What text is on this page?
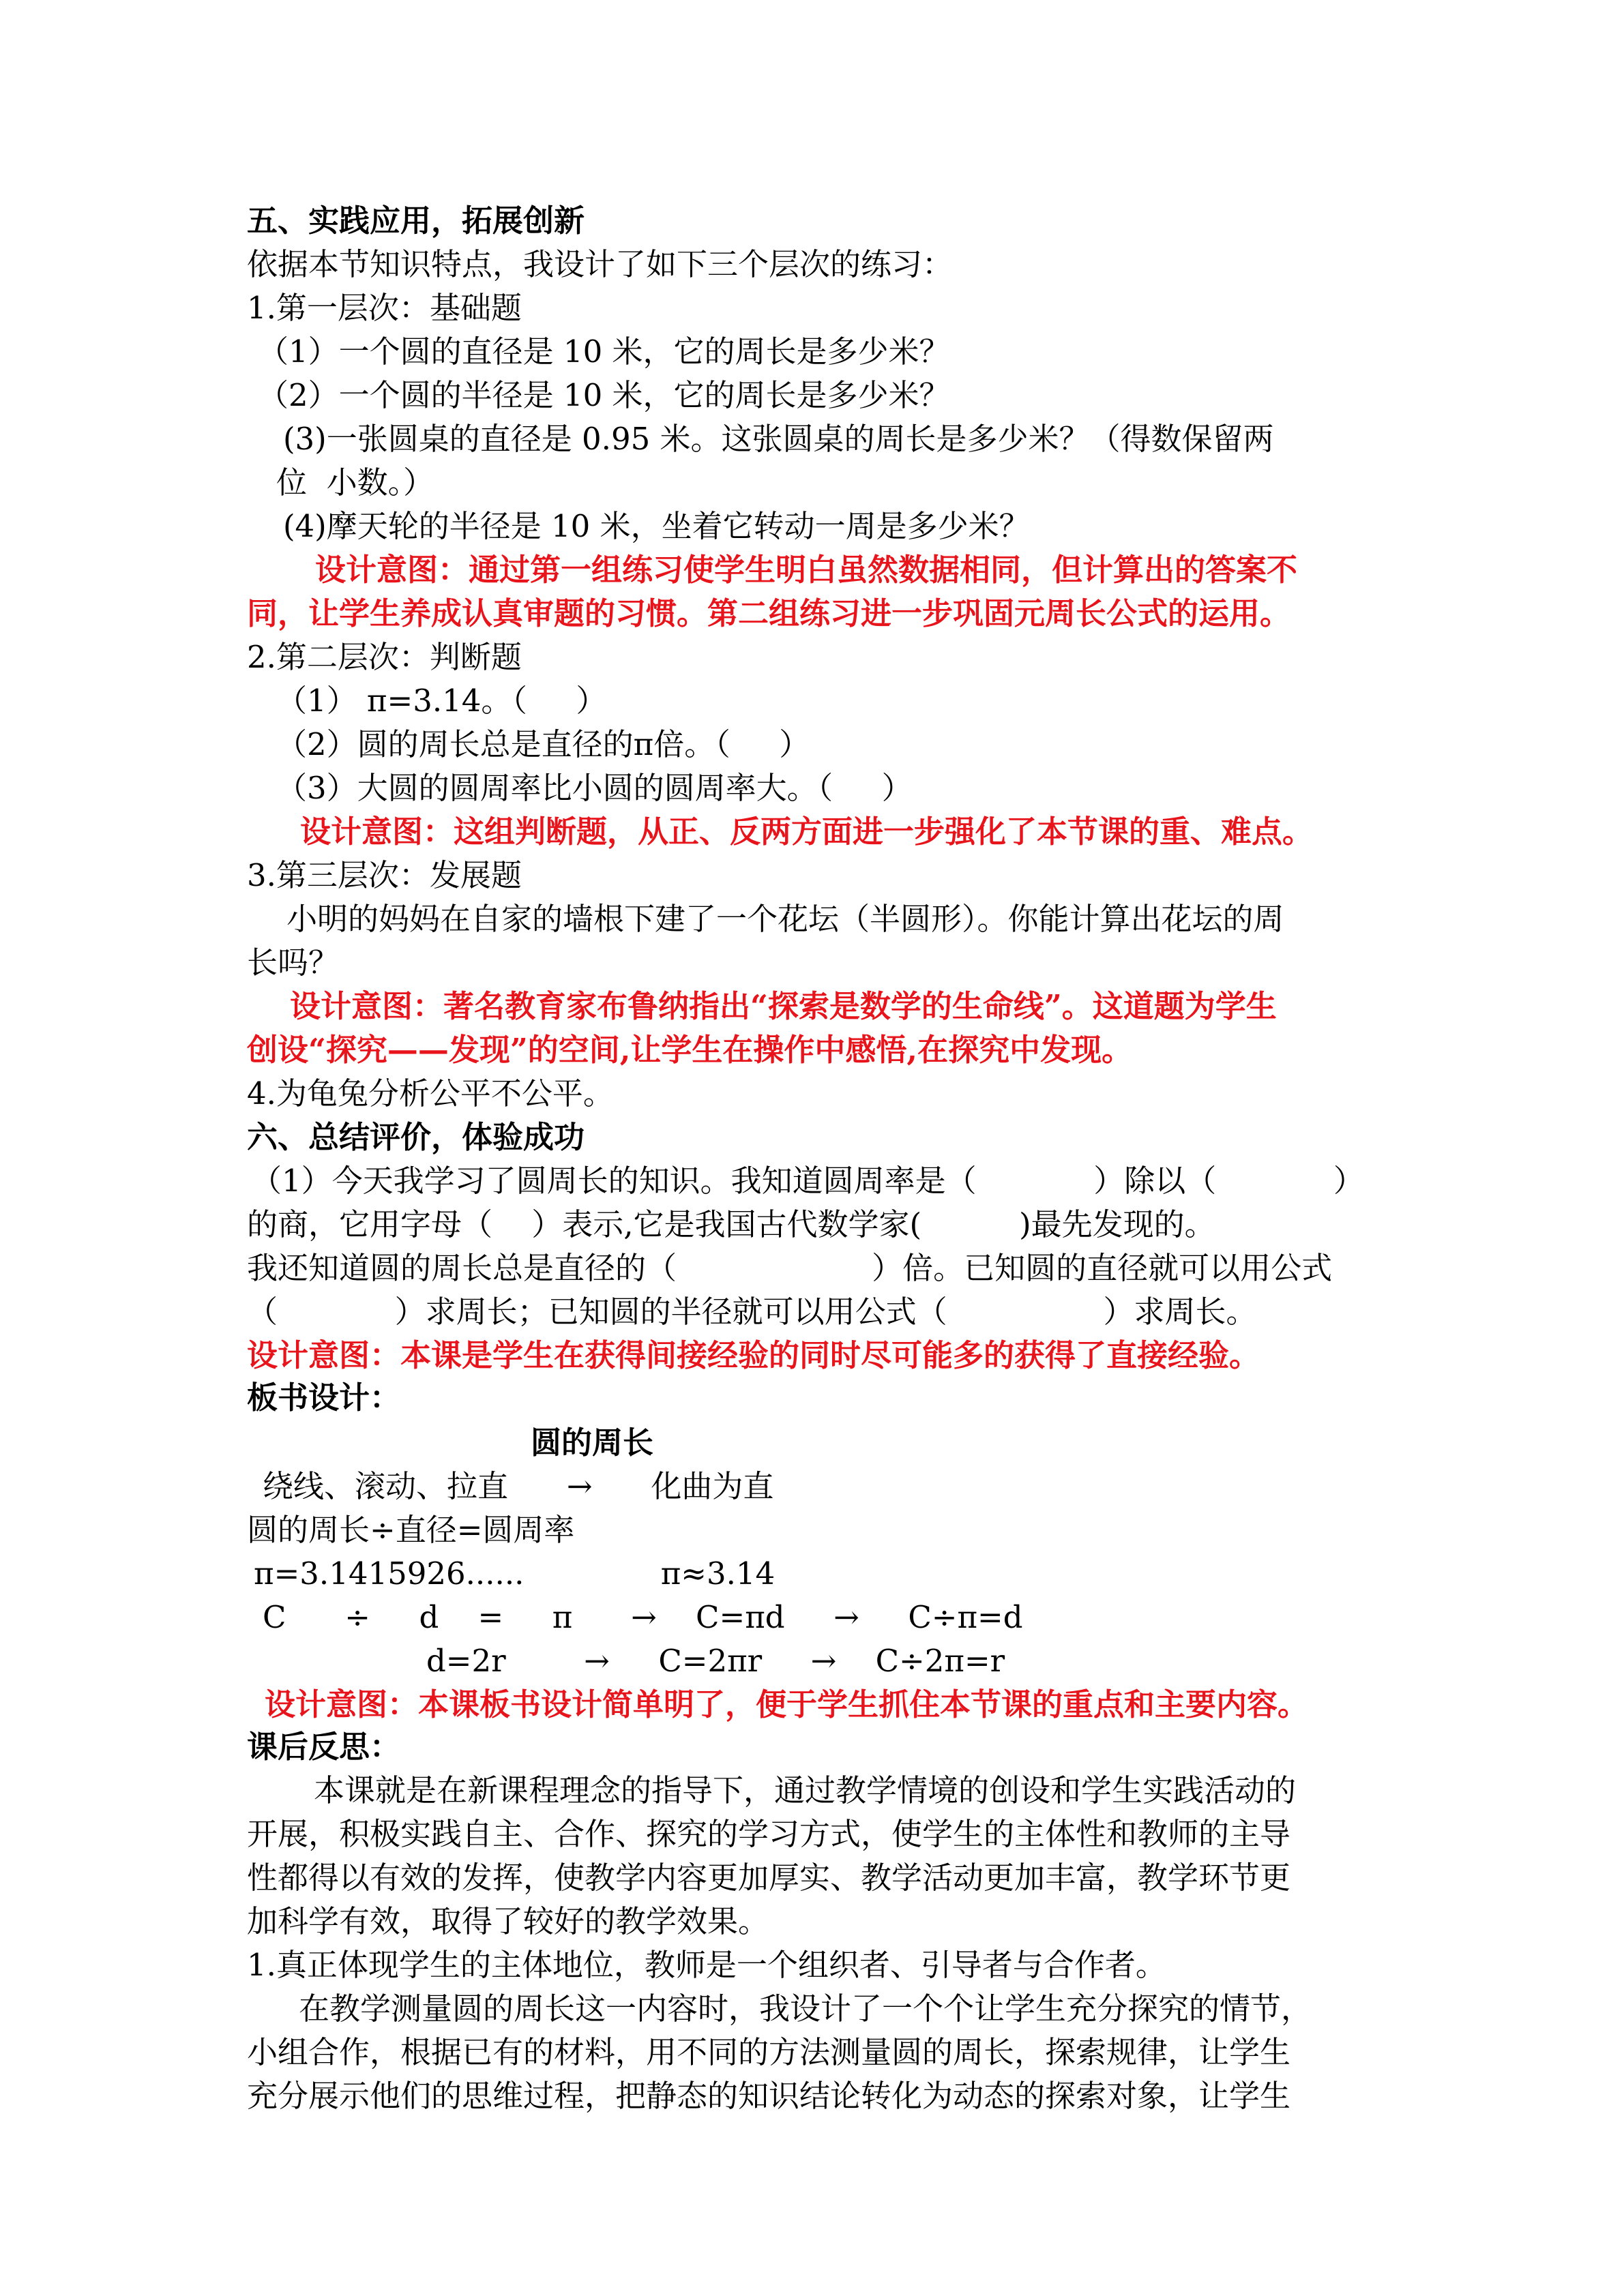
五、实践应用，拓展创新
依据本节知识特点，我设计了如下三个层次的练习：
1.第一层次：基础题
（1）一个圆的直径是 10 米，它的周长是多少米？
（2）一个圆的半径是 10 米，它的周长是多少米？
(3)一张圆桌的直径是 0.95 米。这张圆桌的周长是多少米？（得数保留两
位  小数。）
(4)摩天轮的半径是 10 米，坐着它转动一周是多少米？
设计意图：通过第一组练习使学生明白虽然数据相同，但计算出的答案不
同，让学生养成认真审题的习惯。第二组练习进一步巩固元周长公式的运用。
2.第二层次：判断题
（1） π=3.14。（     ）
（2）圆的周长总是直径的π倍。（     ）
（3）大圆的圆周率比小圆的圆周率大。（     ）
设计意图：这组判断题，从正、反两方面进一步强化了本节课的重、难点。
3.第三层次：发展题
小明的妈妈在自家的墙根下建了一个花坛（半圆形）。你能计算出花坛的周
长吗？
设计意图：著名教育家布鲁纳指出“探索是数学的生命线”。这道题为学生
创设“探究——发现”的空间,让学生在操作中感悟,在探究中发现。
4.为龟兔分析公平不公平。
六、总结评价，体验成功
（1）今天我学习了圆周长的知识。我知道圆周率是（            ）除以（            ）
的商，它用字母（    ）表示,它是我国古代数学家(          )最先发现的。
我还知道圆的周长总是直径的（                    ）倍。已知圆的直径就可以用公式
（            ）求周长；已知圆的半径就可以用公式（                ）求周长。
设计意图：本课是学生在获得间接经验的同时尽可能多的获得了直接经验。
板书设计：
圆的周长
绕线、滚动、拉直      →      化曲为直
圆的周长÷直径=圆周率
π=3.1415926......              π≈3.14
C      ÷     d    =     π      →    C=πd     →     C÷π=d
d=2r        →     C=2πr     →    C÷2π=r
设计意图：本课板书设计简单明了，便于学生抓住本节课的重点和主要内容。
课后反思：
本课就是在新课程理念的指导下，通过教学情境的创设和学生实践活动的
开展，积极实践自主、合作、探究的学习方式，使学生的主体性和教师的主导
性都得以有效的发挥，使教学内容更加厚实、教学活动更加丰富，教学环节更
加科学有效，取得了较好的教学效果。
1.真正体现学生的主体地位，教师是一个组织者、引导者与合作者。
在教学测量圆的周长这一内容时，我设计了一个个让学生充分探究的情节，
小组合作，根据已有的材料，用不同的方法测量圆的周长，探索规律，让学生
充分展示他们的思维过程，把静态的知识结论转化为动态的探索对象，让学生
